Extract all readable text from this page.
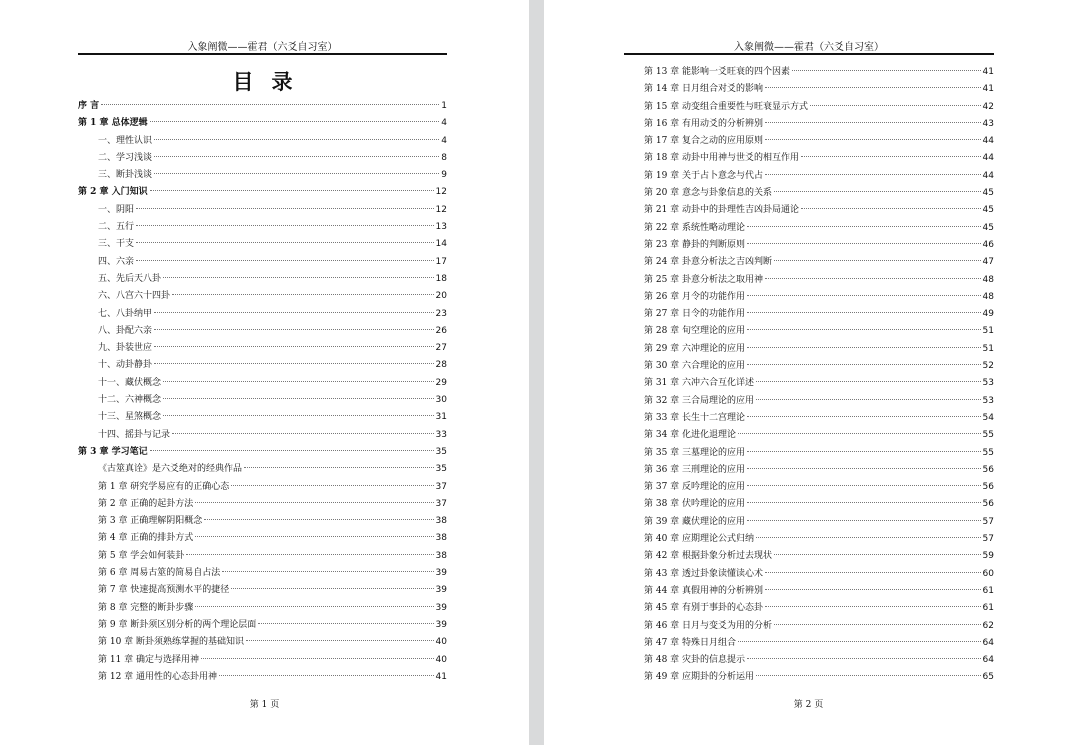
入象阐微——霍君（六爻自习室）
目录
序 言	1
第 1 章 总体逻辑	4
一、理性认识	4
二、学习浅谈	8
三、断卦浅谈	9
第 2 章 入门知识	12
一、阴阳	12
二、五行	13
三、干支	14
四、六亲	17
五、先后天八卦	18
六、八宫六十四卦	20
七、八卦纳甲	23
八、卦配六亲	26
九、卦装世应	27
十、动卦静卦	28
十一、藏伏概念	29
十二、六神概念	30
十三、星煞概念	31
十四、摇卦与记录	33
第 3 章 学习笔记	35
《古筮真诠》是六爻绝对的经典作品	35
第 1 章 研究学易应有的正确心态	37
第 2 章 正确的起卦方法	37
第 3 章 正确理解阴阳概念	38
第 4 章 正确的排卦方式	38
第 5 章 学会如何装卦	38
第 6 章 周易古筮的简易自占法	39
第 7 章 快速提高预测水平的捷径	39
第 8 章 完整的断卦步骤	39
第 9 章 断卦须区别分析的两个理论层面	39
第 10 章 断卦须熟练掌握的基础知识	40
第 11 章 确定与选择用神	40
第 12 章 通用性的心态卦用神	41
第 1 页
入象阐微——霍君（六爻自习室）
第 13 章 能影响一爻旺衰的四个因素	41
第 14 章 日月组合对爻的影响	41
第 15 章 动变组合重要性与旺衰显示方式	42
第 16 章 有用动爻的分析辨别	43
第 17 章 复合之动的应用原则	44
第 18 章 动卦中用神与世爻的相互作用	44
第 19 章 关于占卜意念与代占	44
第 20 章 意念与卦象信息的关系	45
第 21 章 动卦中的卦理性吉凶卦局通论	45
第 22 章 系统性略动理论	45
第 23 章 静卦的判断原则	46
第 24 章 卦意分析法之吉凶判断	47
第 25 章 卦意分析法之取用神	48
第 26 章 月令的功能作用	48
第 27 章 日令的功能作用	49
第 28 章 旬空理论的应用	51
第 29 章 六冲理论的应用	51
第 30 章 六合理论的应用	52
第 31 章 六冲六合互化详述	53
第 32 章 三合局理论的应用	53
第 33 章 长生十二宫理论	54
第 34 章 化进化退理论	55
第 35 章 三墓理论的应用	55
第 36 章 三刑理论的应用	56
第 37 章 反吟理论的应用	56
第 38 章 伏吟理论的应用	56
第 39 章 藏伏理论的应用	57
第 40 章 应期理论公式归纳	57
第 42 章 根据卦象分析过去现状	59
第 43 章 透过卦象读懂读心术	60
第 44 章 真假用神的分析辨别	61
第 45 章 有别于事卦的心态卦	61
第 46 章 日月与变爻为用的分析	62
第 47 章 特殊日月组合	64
第 48 章 灾卦的信息提示	64
第 49 章 应期卦的分析运用	65
第 2 页
